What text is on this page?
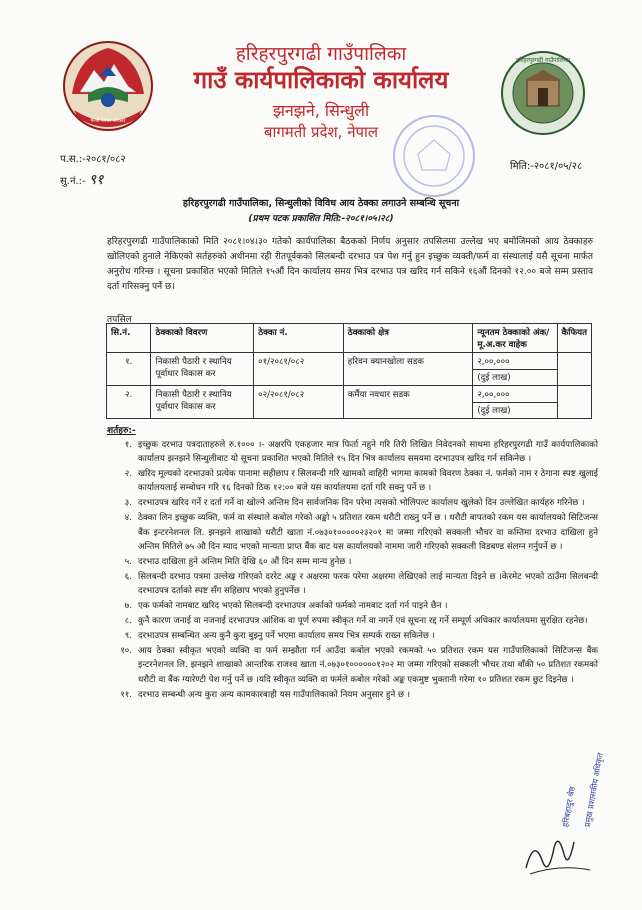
मन्त्री नेपाल सरकार
हरिहरपुरगढी गाउँपालिका
हरिहरपुरगढी गाउँपालिका
गाउँ कार्यपालिकाको कार्यालय
झनझने, सिन्धुली
बागमती प्रदेश, नेपाल
प.स.:-२०८१/०८२
सु.नं.:- ९१
मिति:-२०८१/०५/२८
हरिहरपुरगढी गाउँपालिका, सिन्धुलीको विविध आय ठेक्का लगाउने सम्बन्धि सूचना
(प्रथम पटक प्रकाशित मिति:-२०८१।०५।२८)
हरिहरपुरगढी गाउँपालिकाको मिति २०८१।०४।३० गतेको कार्यपालिका बैठकको निर्णय अनुसार तपसिलमा उल्लेख भए बमोजिमको आय ठेक्काहरु खोलिएको हुनाले नेकिएको सर्तहरुको अधीनमा रही रीतपूर्वकको सिलबन्दी दरभाउ पत्र पेश गर्नु हुन इच्छुक व्यक्ती/फर्म वा संस्थालाई यसै सूचना मार्फत अनुरोध गरिन्छ । सूचना प्रकाशित भएको मितिले १५औं दिन कार्यालय समय भित्र दरभाउ पत्र खरिद गर्न सकिने १६औं दिनको १२.०० बजे सम्म प्रस्ताव दर्ता गरिसक्नु पर्ने छ।
तपसिल
सि.नं.	ठेक्काको विवरण	ठेक्का नं.	ठेक्काको क्षेत्र	न्यूनतम ठेक्काको अंक/मू.अ.कर वाहेक	कैफियत
१.	निकासी पैठारी र स्थानिय पूर्वाधार विकास कर	०१/२०८१/०८२	हरिवन क्यानखोला सडक	२,००,०००
(दुई लाख)	

२.	निकासी पैठारी र स्थानिय पूर्वाधार विकास कर	०२/२०८१/०८२	कर्मैया नवधार सडक	२,००,०००
(दुई लाख)	

शर्तहरु:-
१. इच्छुक दरभाउ पत्रदाताहरुले रु.१००० ।- अक्षरपि एकहजार मात्र फिर्ता नहुने गरि तिरी लिखित निवेदनको साथमा हरिहरपुरगढी गाउँ कार्यपालिकाको कार्यालय झनझने सिन्धुलीबाट यो सूचना प्रकाशित भएको मितिले १५ दिन भित्र कार्यालय समयमा दरभाउपत्र खरिद गर्न सकिनेछ ।
२. खरिद मूल्यको दरभाउको प्रत्येक पानामा सहीछाप र सिलबन्दी गरि खामको वाहिरी भागमा कामको विवरण ठेक्का नं. फर्मको नाम र ठेगाना स्पष्ट खुलाई कार्यालयलाई सम्बोधन गरि १६ दिनको ठिक १२:०० बजे यस कार्यालयमा दर्ता गरि सक्नु पर्ने छ ।
३. दरभाउपत्र खरिद गर्ने र दर्ता गर्ने वा खोल्ने अन्तिम दिन सार्वजनिक दिन परेमा त्यसको भोलिपल्ट कार्यालय खुलेको दिन उल्लेखित कार्यहरु गरिनेछ ।
४. ठेक्का लिन इच्छुक व्यक्ति, फर्म वा संस्थाले कबोल गरेको अङ्को ५ प्रतिशत रकम धरौटी राख्नु पर्ने छ । धरौटी बापतको रकम यस कार्यालयको सिटिजन्स बैंक इन्टरनेशनल लि. झनझने शाखाको धरौटी खाता नं.०७३०१०००००२३२०१ मा जम्मा गरिएको सक्कली भौचर वा कम्तिमा दरभाउ दाखिला हुने अन्तिम मितिले ७५ औ दिन म्याद भएको मान्यता प्राप्त बैंक बाट यस कार्यालयको नाममा जारी गरिएको सक्कली विडबण्ड संलग्न गर्नुपर्ने छ ।
५. दरभाउ दाखिला हुने अन्तिम मिति देखि ६० औं दिन सम्म मान्य हुनेछ ।
६. सिलबन्दी दरभाउ पत्रमा उल्लेख गरिएको दररेट अङ्क र अक्षरमा फरक परेमा अक्षरमा लेखिएको लाई मान्यता दिइने छ ।केरमेट भएको ठाउँमा सिलबन्दी दरभाउपत्र दर्ताको स्पष्ट सँग सहिछाप भएको हुनुपर्नेछ ।
७. एक फर्मको नामबाट खरिद भएको सिलबन्दी दरभाउपत्र अर्काको फर्मको नामबाट दर्ता गर्न पाइने छैन ।
८. कुनै कारण जनाई वा नजनाई दरभाउपत्र आंशिक वा पूर्ण रुपमा स्वीकृत गर्ने वा नगर्ने एवं सूचना रद्द गर्ने सम्पूर्ण अधिकार कार्यालयमा सुरक्षित रहनेछ।
९. दरभाउपत्र सम्बन्धित अन्य कुनै कुरा बुझ्नु पर्ने भएमा कार्यालय समय भित्र सम्पर्क राख्न सकिनेछ ।
१०. आय ठेक्का स्वीकृत भएको व्यक्ति वा फर्म सम्झौता गर्न आउँदा कबोल भएको रकमको ५० प्रतिशत रकम यस गाउँपालिकाको सिटिजन्स बैंक इन्टरनेशनल लि. झनझने शाखाको आन्तरिक राजश्व खाता नं.०७३०१००००००१२०२ मा जम्मा गरिएको सक्कली भौचर तथा बाँकी ५० प्रतिशत रकमको धरौटी वा बैंक ग्यारेण्टी पेश गर्नु पर्ने छ ।यदि स्वीकृत व्यक्ति वा फर्मले कबोल गरेको अङ्क एकमुष्ट भुक्तानी गरेमा १० प्रतिशत रकम छुट दिइनेछ ।
११. दरभाउ सम्बन्धी अन्य कुरा अन्य कामकारबाही यस गाउँपालिकाको नियम अनुसार हुने छ ।
हरिबहादुर श्रेष्ठ प्रमुख प्रशासकीय अधिकृत
